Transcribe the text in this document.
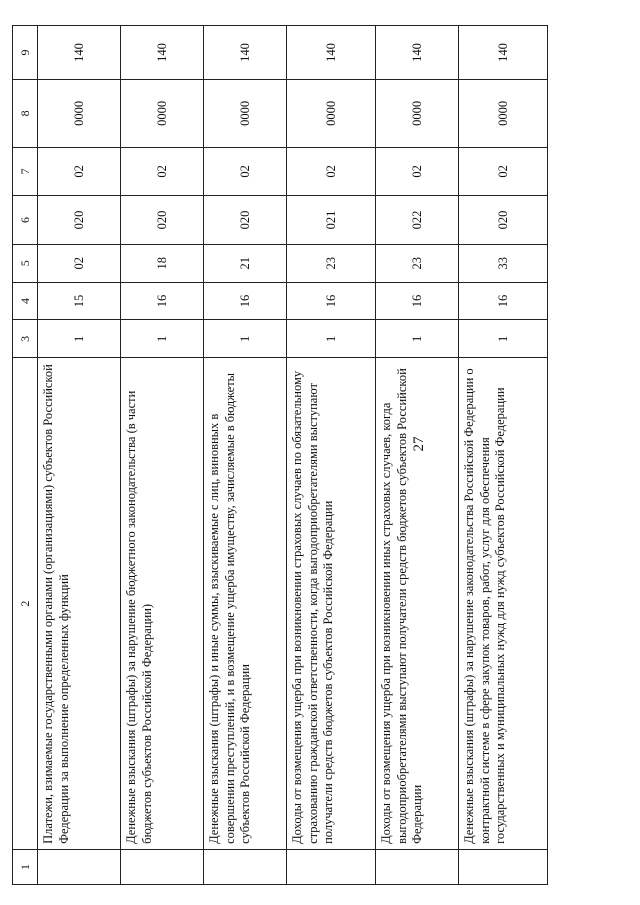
27
1	2	3	4	5	6	7	8	9
	Платежи, взимаемые государственными органами (организациями) субъектов Российской Федерации за выполнение определенных функций	1	15	02	020	02	0000	140
	Денежные взыскания (штрафы) за нарушение бюджетного законодательства (в части бюджетов субъектов Российской Федерации)	1	16	18	020	02	0000	140
	Денежные взыскания (штрафы) и иные суммы, взыскиваемые с лиц, виновных в совершении преступлений, и в возмещение ущерба имуществу, зачисляемые в бюджеты субъектов Российской Федерации	1	16	21	020	02	0000	140
	Доходы от возмещения ущерба при возникновении страховых случаев по обязательному страхованию гражданской ответственности, когда выгодоприобретателями выступают получатели средств бюджетов субъектов Российской Федерации	1	16	23	021	02	0000	140
	Доходы от возмещения ущерба при возникновении иных страховых случаев, когда выгодоприобретателями выступают получатели средств бюджетов субъектов Российской Федерации	1	16	23	022	02	0000	140
	Денежные взыскания (штрафы) за нарушение законодательства Российской Федерации о контрактной системе в сфере закупок товаров, работ, услуг для обеспечения государственных и муниципальных нужд для нужд субъектов Российской Федерации	1	16	33	020	02	0000	140
